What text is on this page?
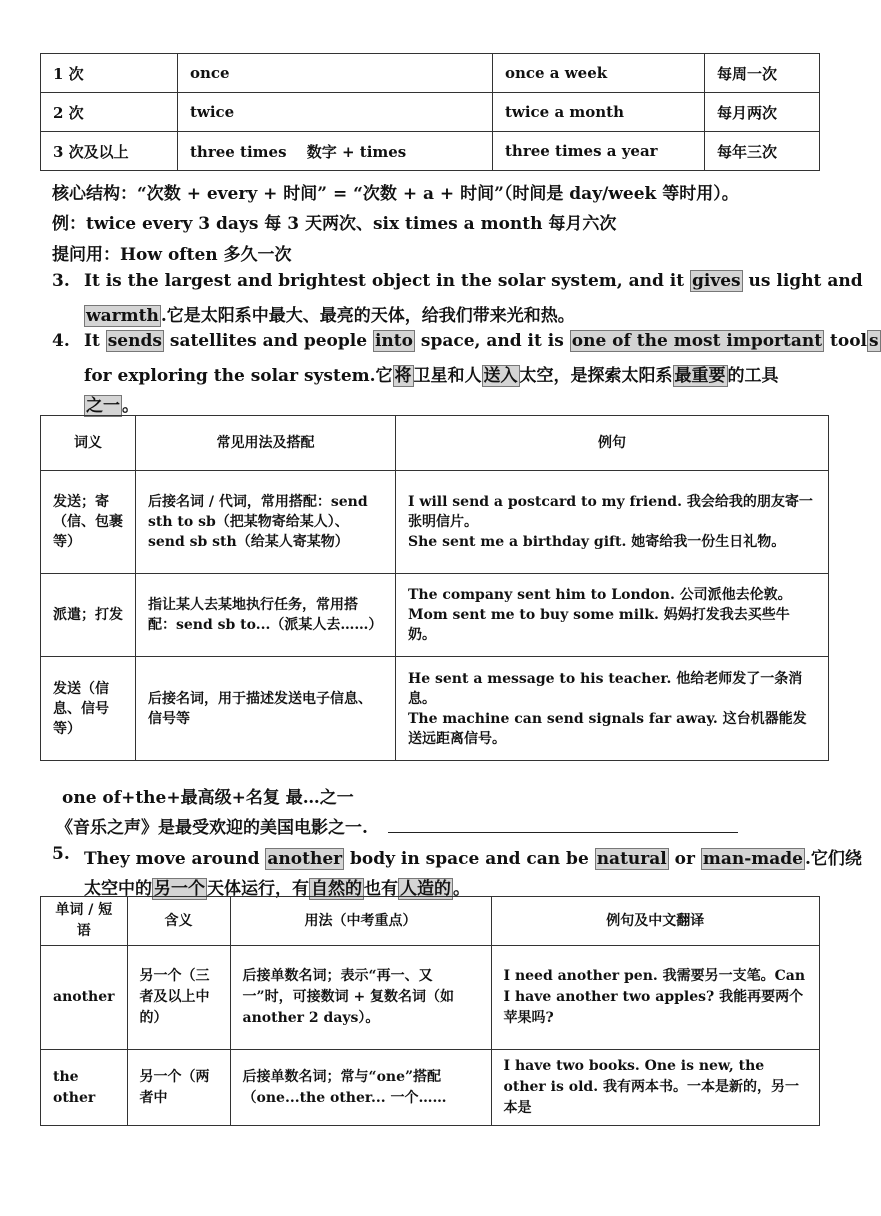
1 次	once	once a week	每周一次
2 次	twice	twice a month	每月两次
3 次及以上	three times　 数字 + times	three times a year	每年三次
核心结构：“次数 + every + 时间” = “次数 + a + 时间”（时间是 day/week 等时用）。
例：twice every 3 days 每 3 天两次、six times a month 每月六次
提问用：How often 多久一次
3. It is the largest and brightest object in the solar system, and it gives us light and
warmth .它是太阳系中最大、最亮的天体，给我们带来光和热。
4. It sends satellites and people into space, and it is one of the most important tool s
for exploring the solar system.它 将 卫星和人 送入 太空，是探索太阳系 最重要 的工具
之一 。
词义	常见用法及搭配	例句
发送；寄（信、包裹等）	后接名词 / 代词，常用搭配：send sth to sb（把某物寄给某人）、send sb sth（给某人寄某物）	I will send a postcard to my friend. 我会给我的朋友寄一张明信片。
She sent me a birthday gift. 她寄给我一份生日礼物。

派遣；打发	指让某人去某地执行任务，常用搭配：send sb to...（派某人去……）	The company sent him to London. 公司派他去伦敦。
Mom sent me to buy some milk. 妈妈打发我去买些牛奶。

发送（信息、信号等）	后接名词，用于描述发送电子信息、信号等	He sent a message to his teacher. 他给老师发了一条消息。
The machine can send signals far away. 这台机器能发送远距离信号。
one of+the+最高级+名复 最…之一
《音乐之声》是最受欢迎的美国电影之一.
5. They move around another body in space and can be natural or man-made .它们绕
太空中的 另一个 天体运行，有 自然的 也有 人造的 。
单词 / 短语	含义	用法（中考重点）	例句及中文翻译
another	另一个（三者及以上中的）	后接单数名词；表示“再一、又一”时，可接数词 + 复数名词（如 another 2 days）。	I need another pen. 我需要另一支笔。Can I have another two apples? 我能再要两个苹果吗?
the other	另一个（两者中	后接单数名词；常与“one”搭配（one...the other... 一个……	I have two books. One is new, the other is old. 我有两本书。一本是新的，另一本是
